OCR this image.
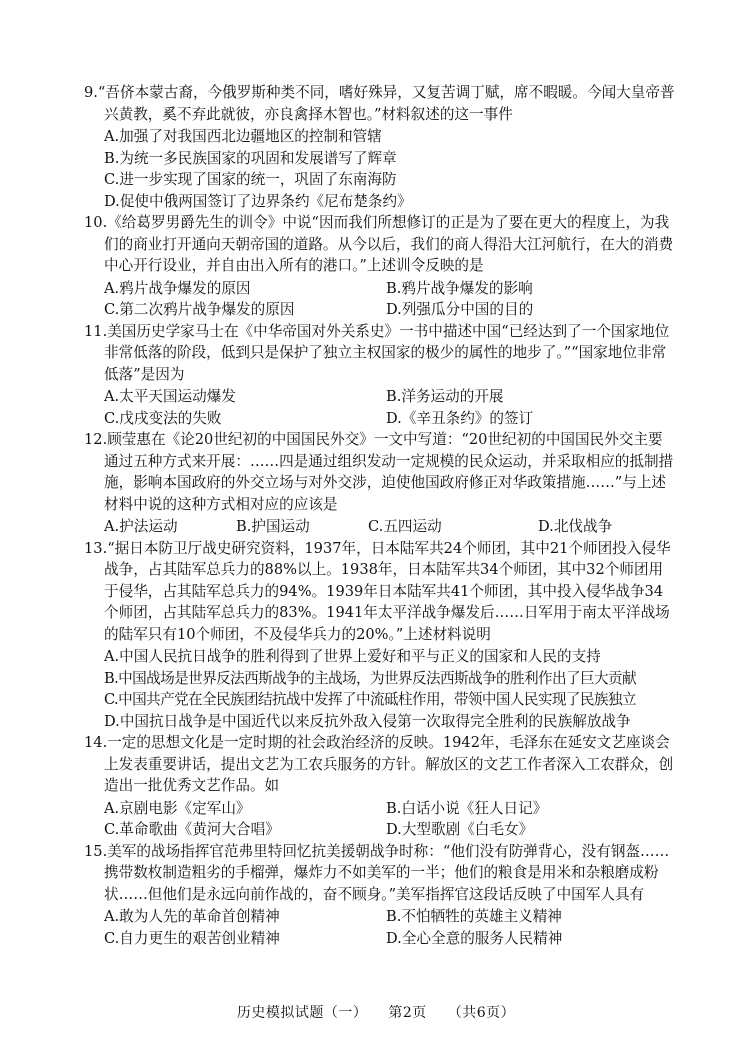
9.“吾侪本蒙古裔，今俄罗斯种类不同，嗜好殊异，又复苦调丁赋，席不暇暖。今闻大皇帝普兴黄教，奚不弃此就彼，亦良禽择木智也。”材料叙述的这一事件
A.加强了对我国西北边疆地区的控制和管辖
B.为统一多民族国家的巩固和发展谱写了辉章
C.进一步实现了国家的统一，巩固了东南海防
D.促使中俄两国签订了边界条约《尼布楚条约》
10.《给葛罗男爵先生的训令》中说“因而我们所想修订的正是为了要在更大的程度上，为我们的商业打开通向天朝帝国的道路。从今以后，我们的商人得沿大江河航行，在大的消费中心开行设业，并自由出入所有的港口。”上述训令反映的是
A.鸦片战争爆发的原因	B.鸦片战争爆发的影响
C.第二次鸦片战争爆发的原因	D.列强瓜分中国的目的
11.美国历史学家马士在《中华帝国对外关系史》一书中描述中国“已经达到了一个国家地位非常低落的阶段，低到只是保护了独立主权国家的极少的属性的地步了。”“国家地位非常低落”是因为
A.太平天国运动爆发	B.洋务运动的开展
C.戊戌变法的失败	D.《辛丑条约》的签订
12.顾莹惠在《论20世纪初的中国国民外交》一文中写道：“20世纪初的中国国民外交主要通过五种方式来开展：……四是通过组织发动一定规模的民众运动，并采取相应的抵制措施，影响本国政府的外交立场与对外交涉，迫使他国政府修正对华政策措施……”与上述材料中说的这种方式相对应的应该是
A.护法运动	B.护国运动	C.五四运动	D.北伐战争
13.“据日本防卫厅战史研究资料，1937年，日本陆军共24个师团，其中21个师团投入侵华战争，占其陆军总兵力的88%以上。1938年，日本陆军共34个师团，其中32个师团用于侵华，占其陆军总兵力的94%。1939年日本陆军共41个师团，其中投入侵华战争34个师团，占其陆军总兵力的83%。1941年太平洋战争爆发后……日军用于南太平洋战场的陆军只有10个师团，不及侵华兵力的20%。”上述材料说明
A.中国人民抗日战争的胜利得到了世界上爱好和平与正义的国家和人民的支持
B.中国战场是世界反法西斯战争的主战场，为世界反法西斯战争的胜利作出了巨大贡献
C.中国共产党在全民族团结抗战中发挥了中流砥柱作用，带领中国人民实现了民族独立
D.中国抗日战争是中国近代以来反抗外敌入侵第一次取得完全胜利的民族解放战争
14.一定的思想文化是一定时期的社会政治经济的反映。1942年，毛泽东在延安文艺座谈会上发表重要讲话，提出文艺为工农兵服务的方针。解放区的文艺工作者深入工农群众，创造出一批优秀文艺作品。如
A.京剧电影《定军山》	B.白话小说《狂人日记》
C.革命歌曲《黄河大合唱》	D.大型歌剧《白毛女》
15.美军的战场指挥官范弗里特回忆抗美援朝战争时称：“他们没有防弹背心，没有钢盔……携带数枚制造粗劣的手榴弹，爆炸力不如美军的一半；他们的粮食是用米和杂粮磨成粉状……但他们是永远向前作战的，奋不顾身。”美军指挥官这段话反映了中国军人具有
A.敢为人先的革命首创精神	B.不怕牺牲的英雄主义精神
C.自力更生的艰苦创业精神	D.全心全意的服务人民精神
历史模拟试题（一） 第2页 （共6页）
